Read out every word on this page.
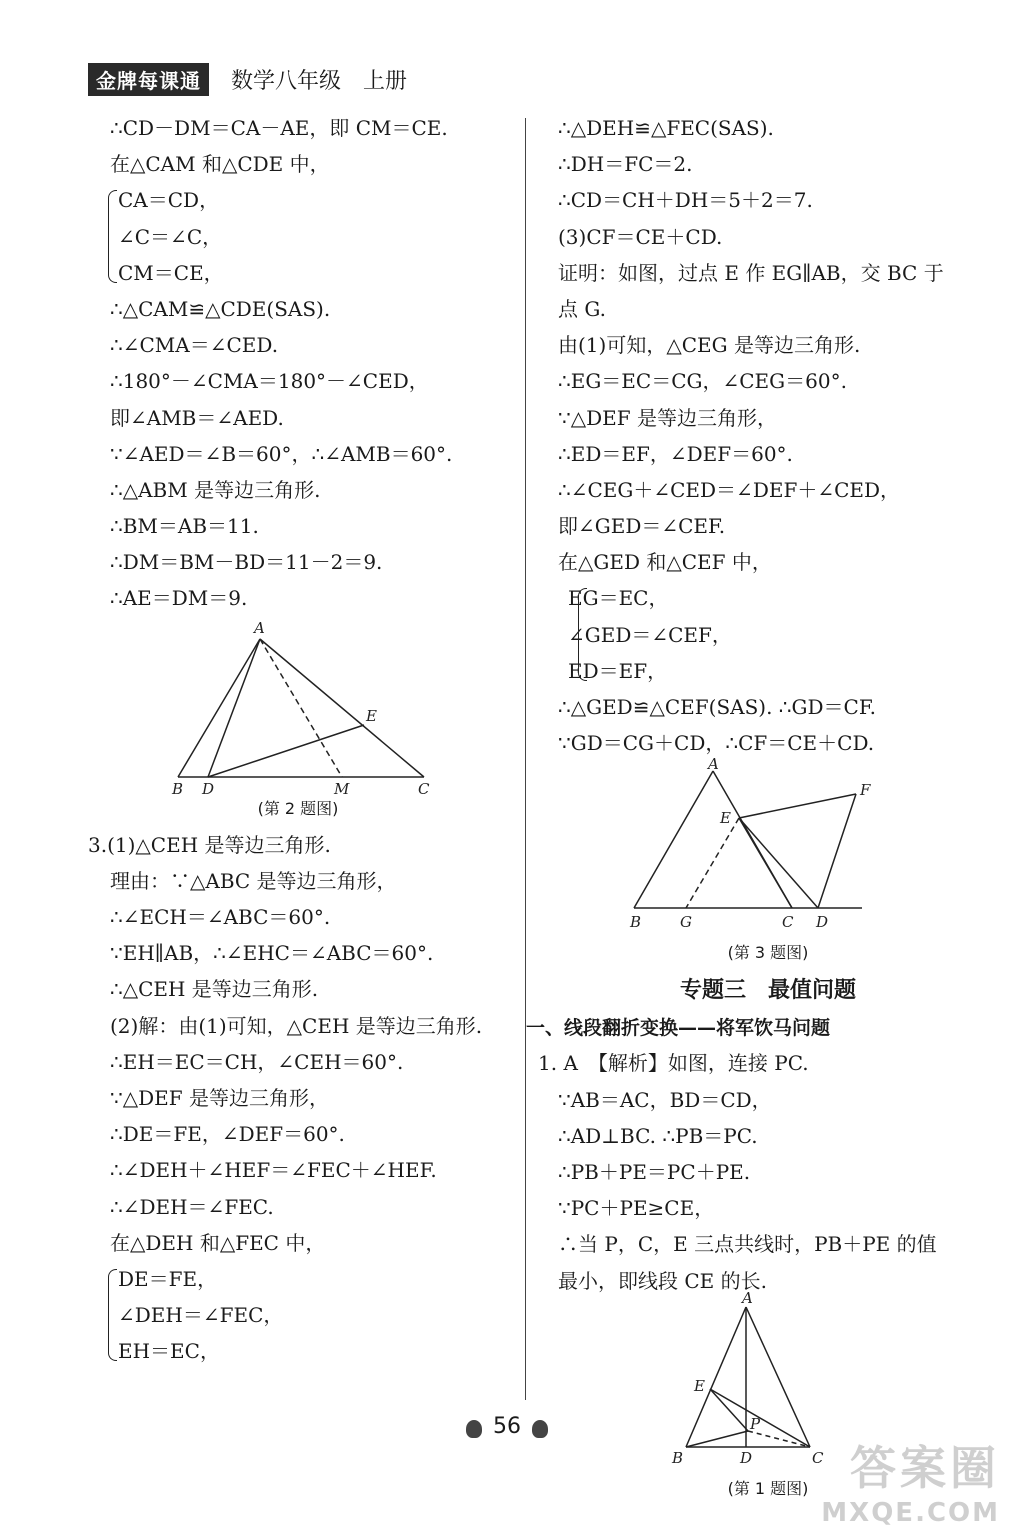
金牌每课通	数学八年级　上册
∴CD－DM＝CA－AE，即 CM＝CE.
在△CAM 和△CDE 中，
CA＝CD，
∠C＝∠C，
CM＝CE，
∴△CAM≌△CDE(SAS).
∴∠CMA＝∠CED.
∴180°－∠CMA＝180°－∠CED，
即∠AMB＝∠AED.
∵∠AED＝∠B＝60°，∴∠AMB＝60°.
∴△ABM 是等边三角形.
∴BM＝AB＝11.
∴DM＝BM－BD＝11－2＝9.
∴AE＝DM＝9.
A
B D	M	C
E
(第 2 题图)
3.(1)△CEH 是等边三角形.
理由：∵△ABC 是等边三角形，
∴∠ECH＝∠ABC＝60°.
∵EH∥AB，∴∠EHC＝∠ABC＝60°.
∴△CEH 是等边三角形.
(2)解：由(1)可知，△CEH 是等边三角形.
∴EH＝EC＝CH，∠CEH＝60°.
∵△DEF 是等边三角形，
∴DE＝FE，∠DEF＝60°.
∴∠DEH＋∠HEF＝∠FEC＋∠HEF.
∴∠DEH＝∠FEC.
在△DEH 和△FEC 中，
DE＝FE，
∠DEH＝∠FEC，
EH＝EC，
∴△DEH≌△FEC(SAS).
∴DH＝FC＝2.
∴CD＝CH＋DH＝5＋2＝7.
(3)CF＝CE＋CD.
证明：如图，过点 E 作 EG∥AB，交 BC 于
点 G.
由(1)可知，△CEG 是等边三角形.
∴EG＝EC＝CG，∠CEG＝60°.
∵△DEF 是等边三角形，
∴ED＝EF，∠DEF＝60°.
∴∠CEG＋∠CED＝∠DEF＋∠CED，
即∠GED＝∠CEF.
在△GED 和△CEF 中，
EG＝EC，
∠GED＝∠CEF，
ED＝EF，
∴△GED≌△CEF(SAS). ∴GD＝CF.
∵GD＝CG＋CD，∴CF＝CE＋CD.
A
E
F
B	G	C D
(第 3 题图)
专题三　最值问题
一、线段翻折变换——将军饮马问题
1. A　【解析】如图，连接 PC.
∵AB＝AC，BD＝CD，
∴AD⊥BC. ∴PB＝PC.
∴PB＋PE＝PC＋PE.
∵PC＋PE≥CE，
∴当 P，C，E 三点共线时，PB＋PE 的值
最小，即线段 CE 的长.
A
E
P
B	D	C
(第 1 题图)
56
答案圈
MXQE.COM
